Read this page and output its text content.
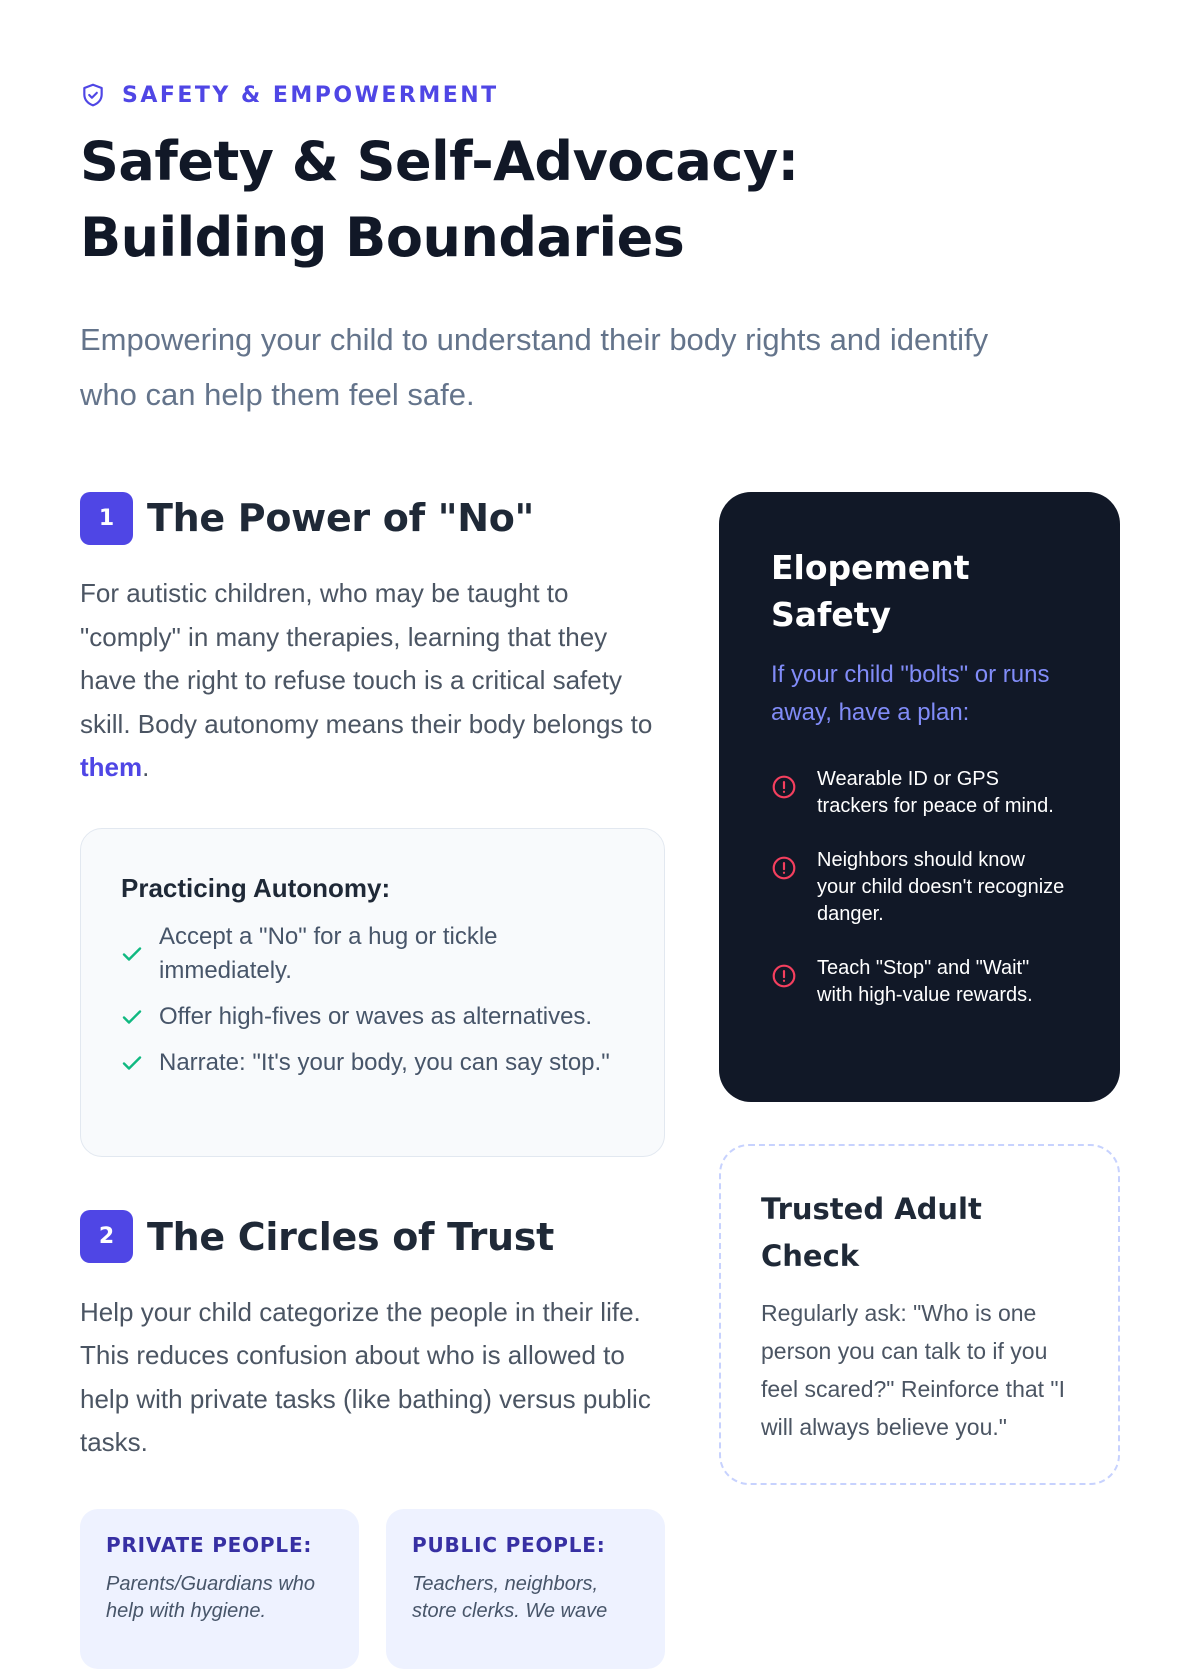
SAFETY & EMPOWERMENT
Safety & Self-Advocacy:
Building Boundaries

Empowering your child to understand their body rights and identify who can help them feel safe.

1 The Power of "No"

For autistic children, who may be taught to "comply" in many therapies, learning that they have the right to refuse touch is a critical safety skill. Body autonomy means their body belongs to them.

Practicing Autonomy:
Accept a "No" for a hug or tickle immediately.
Offer high-fives or waves as alternatives.
Narrate: "It's your body, you can say stop."
2 The Circles of Trust

Help your child categorize the people in their life. This reduces confusion about who is allowed to help with private tasks (like bathing) versus public tasks.

PRIVATE PEOPLE:
Parents/Guardians who help with hygiene.
PUBLIC PEOPLE:
Teachers, neighbors, store clerks. We wave
Elopement Safety

If your child "bolts" or runs away, have a plan:

Wearable ID or GPS trackers for peace of mind.
Neighbors should know your child doesn't recognize danger.
Teach "Stop" and "Wait" with high-value rewards.
Trusted Adult Check

Regularly ask: "Who is one person you can talk to if you feel scared?" Reinforce that "I will always believe you."
